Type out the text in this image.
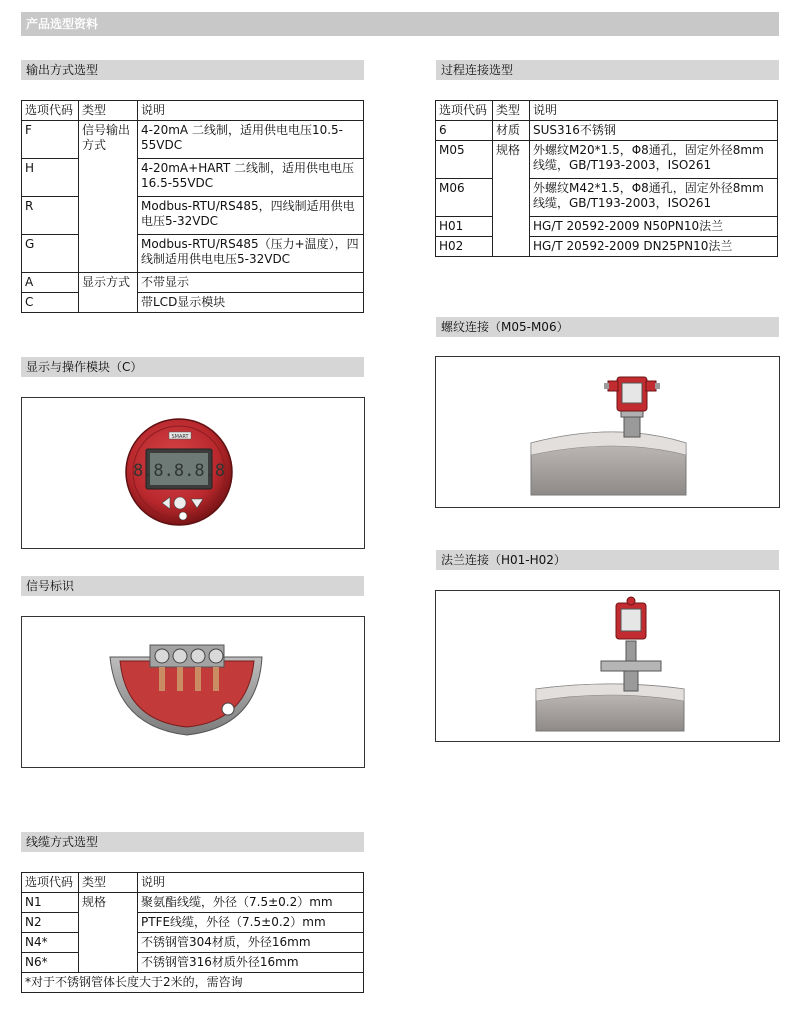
产品选型资料
输出方式选型
选项代码	类型	说明
F	信号输出方式	4-20mA 二线制，适用供电电压10.5-55VDC
H		4-20mA+HART 二线制，适用供电电压16.5-55VDC
R		Modbus-RTU/RS485，四线制适用供电电压5-32VDC
G		Modbus-RTU/RS485（压力+温度），四线制适用供电电压5-32VDC
A	显示方式	不带显示
C		带LCD显示模块
过程连接选型
选项代码	类型	说明
6	材质	SUS316不锈钢
M05	规格	外螺纹M20*1.5，Φ8通孔，固定外径8mm线缆，GB/T193-2003，ISO261
M06		外螺纹M42*1.5，Φ8通孔，固定外径8mm线缆，GB/T193-2003，ISO261
H01		HG/T 20592-2009 N50PN10法兰
H02		HG/T 20592-2009 DN25PN10法兰
显示与操作模块（C）
SMART
8.8.8.8.8
信号标识
螺纹连接（M05-M06）
法兰连接（H01-H02）
线缆方式选型
选项代码	类型	说明
N1	规格	聚氨酯线缆，外径（7.5±0.2）mm
N2		PTFE线缆，外径（7.5±0.2）mm
N4*		不锈钢管304材质，外径16mm
N6*		不锈钢管316材质外径16mm
*对于不锈钢管体长度大于2米的，需咨询		
